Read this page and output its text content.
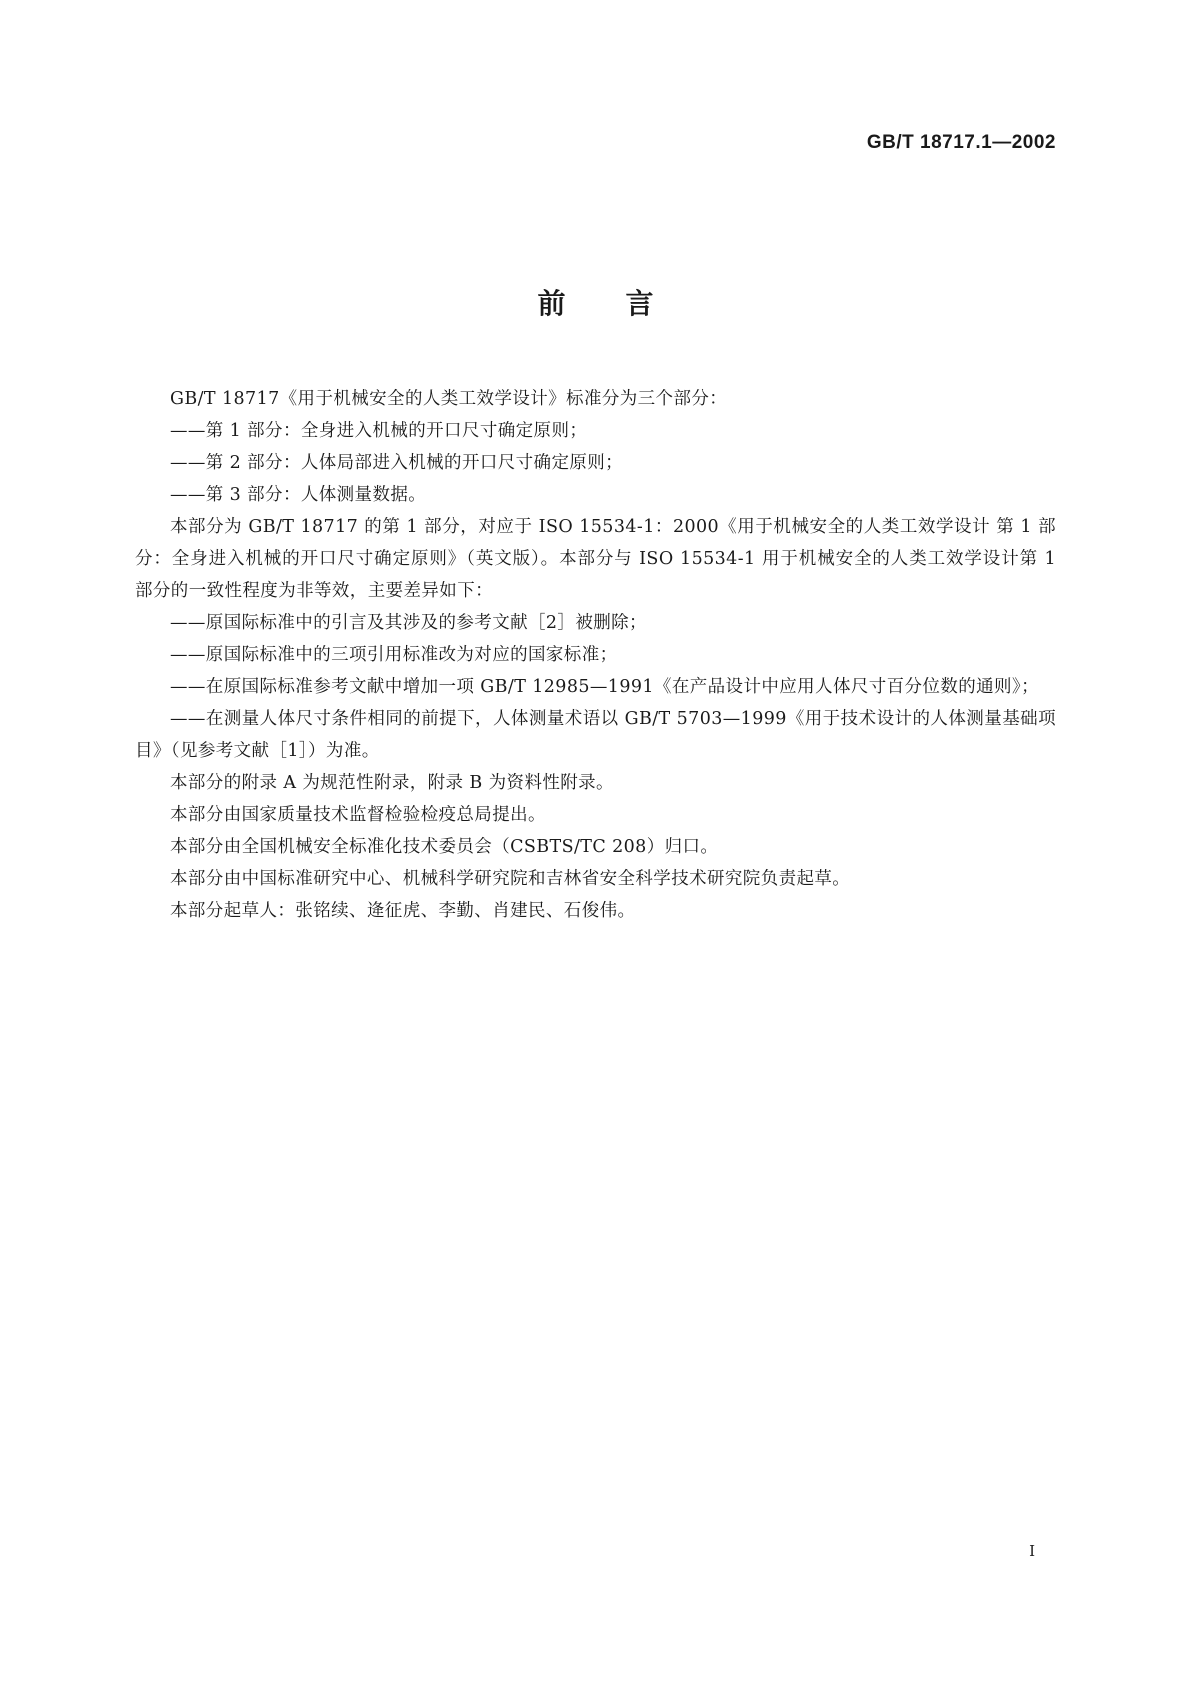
GB/T 18717.1—2002
前言

GB/T 18717《用于机械安全的人类工效学设计》标准分为三个部分：

——第 1 部分：全身进入机械的开口尺寸确定原则；

——第 2 部分：人体局部进入机械的开口尺寸确定原则；

——第 3 部分：人体测量数据。

本部分为 GB/T 18717 的第 1 部分，对应于 ISO 15534-1：2000《用于机械安全的人类工效学设计 第 1 部分：全身进入机械的开口尺寸确定原则》（英文版）。本部分与 ISO 15534-1 用于机械安全的人类工效学设计第 1 部分的一致性程度为非等效，主要差异如下：

——原国际标准中的引言及其涉及的参考文献［2］被删除；

——原国际标准中的三项引用标准改为对应的国家标准；

——在原国际标准参考文献中增加一项 GB/T 12985—1991《在产品设计中应用人体尺寸百分位数的通则》；

——在测量人体尺寸条件相同的前提下，人体测量术语以 GB/T 5703—1999《用于技术设计的人体测量基础项目》（见参考文献［1］）为准。

本部分的附录 A 为规范性附录，附录 B 为资料性附录。

本部分由国家质量技术监督检验检疫总局提出。

本部分由全国机械安全标准化技术委员会（CSBTS/TC 208）归口。

本部分由中国标准研究中心、机械科学研究院和吉林省安全科学技术研究院负责起草。

本部分起草人：张铭续、逄征虎、李勤、肖建民、石俊伟。

I
